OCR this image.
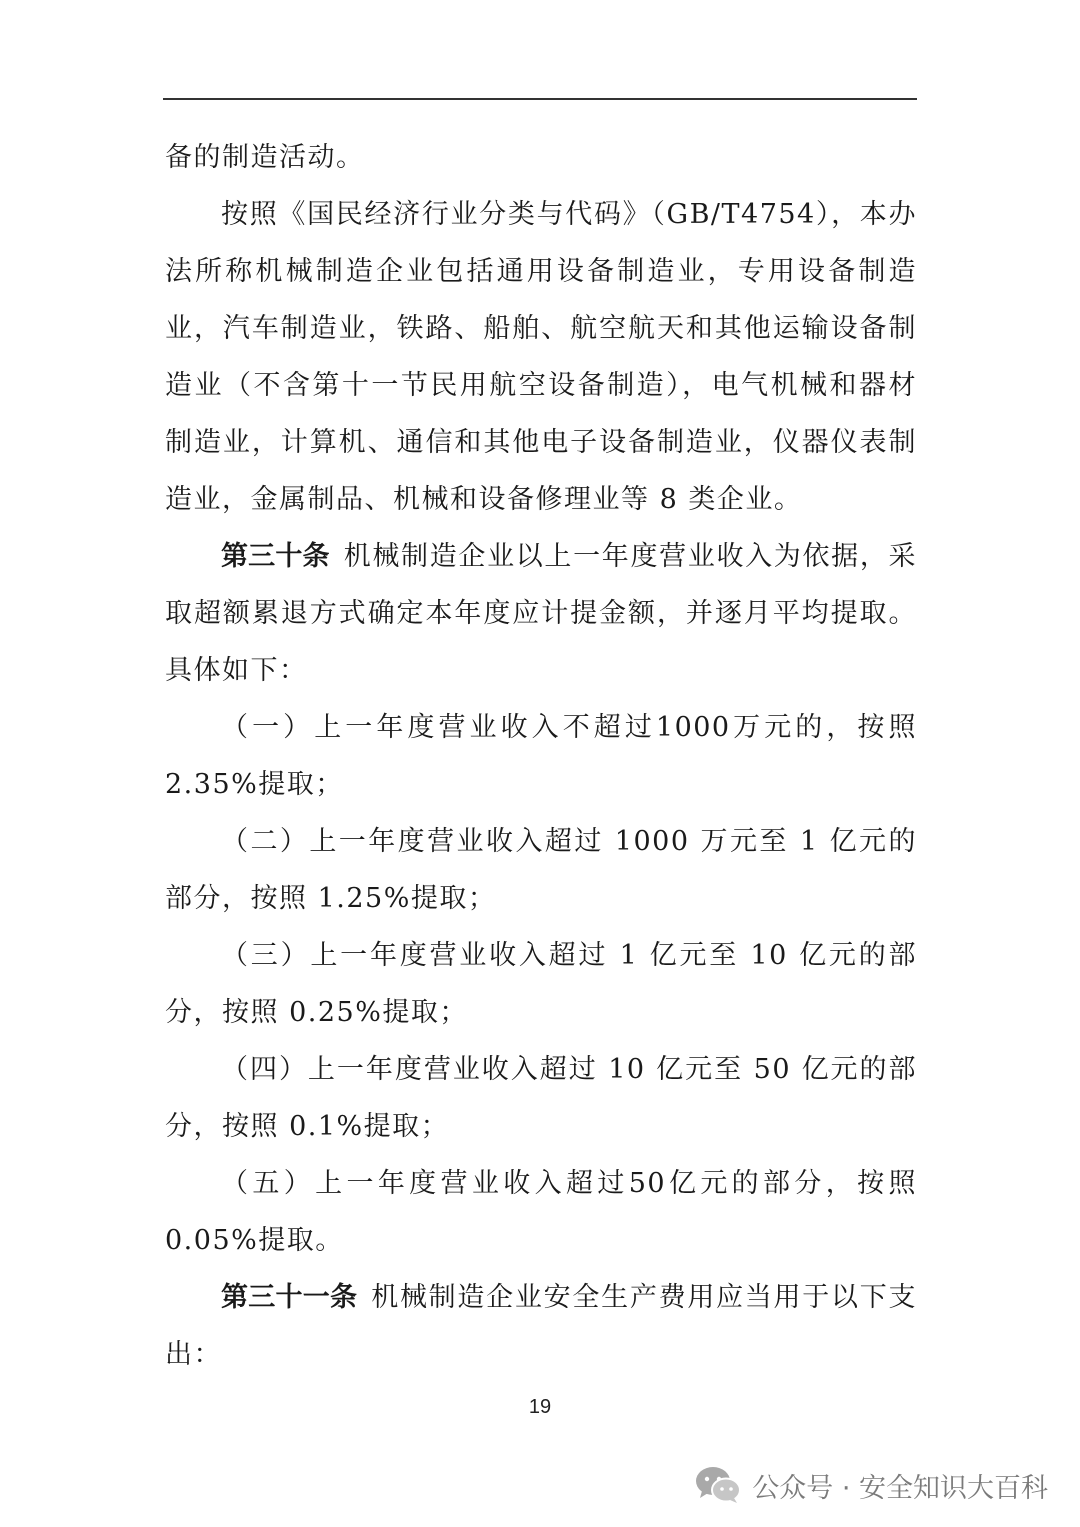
备的制造活动。

按照《国民经济行业分类与代码》（GB/T4754），本办法所称机械制造企业包括通用设备制造业，专用设备制造业，汽车制造业，铁路、船舶、航空航天和其他运输设备制造业（不含第十一节民用航空设备制造），电气机械和器材制造业，计算机、通信和其他电子设备制造业，仪器仪表制造业，金属制品、机械和设备修理业等 8 类企业。

第三十条 机械制造企业以上一年度营业收入为依据，采取超额累退方式确定本年度应计提金额，并逐月平均提取。具体如下：

（一）上一年度营业收入不超过1000万元的，按照2.35%提取；

（二）上一年度营业收入超过 1000 万元至 1 亿元的部分，按照 1.25%提取；

（三）上一年度营业收入超过 1 亿元至 10 亿元的部分，按照 0.25%提取；

（四）上一年度营业收入超过 10 亿元至 50 亿元的部分，按照 0.1%提取；

（五）上一年度营业收入超过50亿元的部分，按照0.05%提取。

第三十一条 机械制造企业安全生产费用应当用于以下支出：

19
公众号 · 安全知识大百科
